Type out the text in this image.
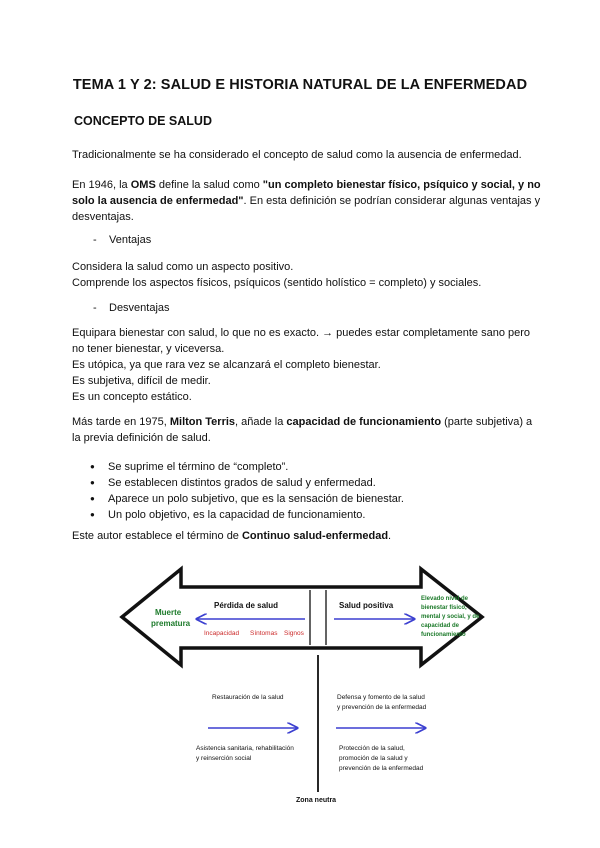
TEMA 1 Y 2: SALUD E HISTORIA NATURAL DE LA ENFERMEDAD
CONCEPTO DE SALUD

Tradicionalmente se ha considerado el concepto de salud como la ausencia de enfermedad.

En 1946, la OMS define la salud como "un completo bienestar físico, psíquico y social, y no solo la ausencia de enfermedad". En esta definición se podrían considerar algunas ventajas y desventajas.

- Ventajas

Considera la salud como un aspecto positivo.
Comprende los aspectos físicos, psíquicos (sentido holístico = completo) y sociales.

- Desventajas

Equipara bienestar con salud, lo que no es exacto. → puedes estar completamente sano pero no tener bienestar, y viceversa.
Es utópica, ya que rara vez se alcanzará el completo bienestar.
Es subjetiva, difícil de medir.
Es un concepto estático.

Más tarde en 1975, Milton Terris, añade la capacidad de funcionamiento (parte subjetiva) a la previa definición de salud.

● Se suprime el término de “completo”.
● Se establecen distintos grados de salud y enfermedad.
● Aparece un polo subjetivo, que es la sensación de bienestar.
● Un polo objetivo, es la capacidad de funcionamiento.

Este autor establece el término de Continuo salud-enfermedad.

Muerte
prematura
Pérdida de salud
Incapacidad Síntomas Signos
Salud positiva
Elevado nivel de
bienestar físico,
mental y social, y de
capacidad de
funcionamiento
Restauración de la salud
Asistencia sanitaria, rehabilitación
y reinserción social
Defensa y fomento de la salud
y prevención de la enfermedad
Protección de la salud,
promoción de la salud y
prevención de la enfermedad
Zona neutra
